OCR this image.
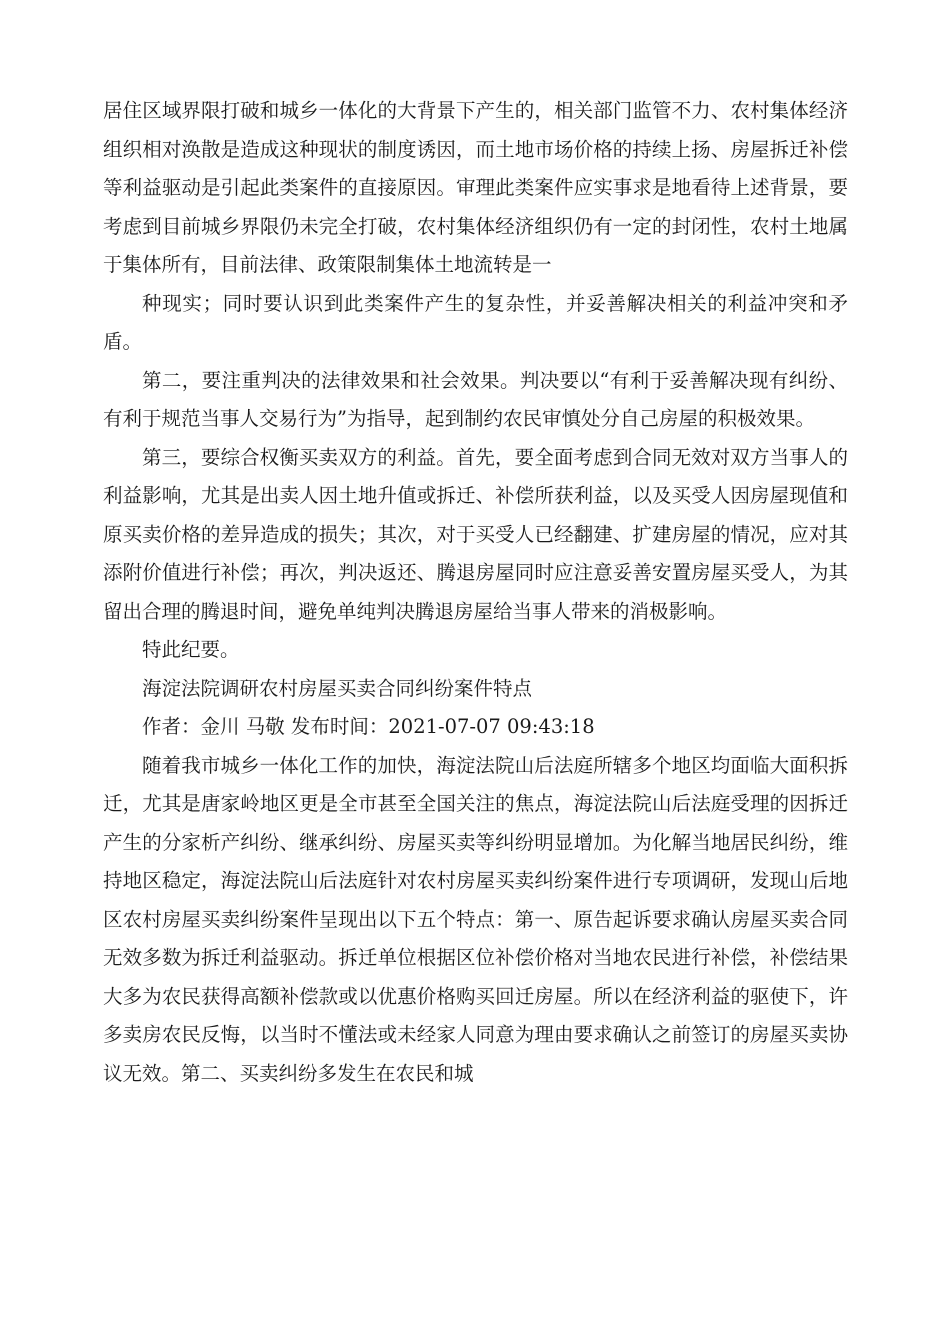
居住区域界限打破和城乡一体化的大背景下产生的，相关部门监管不力、农村集体经济组织相对涣散是造成这种现状的制度诱因，而土地市场价格的持续上扬、房屋拆迁补偿等利益驱动是引起此类案件的直接原因。审理此类案件应实事求是地看待上述背景，要考虑到目前城乡界限仍未完全打破，农村集体经济组织仍有一定的封闭性，农村土地属于集体所有，目前法律、政策限制集体土地流转是一

种现实；同时要认识到此类案件产生的复杂性，并妥善解决相关的利益冲突和矛盾。

第二，要注重判决的法律效果和社会效果。判决要以“有利于妥善解决现有纠纷、有利于规范当事人交易行为”为指导，起到制约农民审慎处分自己房屋的积极效果。

第三，要综合权衡买卖双方的利益。首先，要全面考虑到合同无效对双方当事人的利益影响，尤其是出卖人因土地升值或拆迁、补偿所获利益，以及买受人因房屋现值和原买卖价格的差异造成的损失；其次，对于买受人已经翻建、扩建房屋的情况，应对其添附价值进行补偿；再次，判决返还、腾退房屋同时应注意妥善安置房屋买受人，为其留出合理的腾退时间，避免单纯判决腾退房屋给当事人带来的消极影响。

特此纪要。

海淀法院调研农村房屋买卖合同纠纷案件特点

作者：金川 马敬 发布时间：2021-07-07 09:43:18

随着我市城乡一体化工作的加快，海淀法院山后法庭所辖多个地区均面临大面积拆迁，尤其是唐家岭地区更是全市甚至全国关注的焦点，海淀法院山后法庭受理的因拆迁产生的分家析产纠纷、继承纠纷、房屋买卖等纠纷明显增加。为化解当地居民纠纷，维持地区稳定，海淀法院山后法庭针对农村房屋买卖纠纷案件进行专项调研，发现山后地区农村房屋买卖纠纷案件呈现出以下五个特点：第一、原告起诉要求确认房屋买卖合同无效多数为拆迁利益驱动。拆迁单位根据区位补偿价格对当地农民进行补偿，补偿结果大多为农民获得高额补偿款或以优惠价格购买回迁房屋。所以在经济利益的驱使下，许多卖房农民反悔，以当时不懂法或未经家人同意为理由要求确认之前签订的房屋买卖协议无效。第二、买卖纠纷多发生在农民和城
